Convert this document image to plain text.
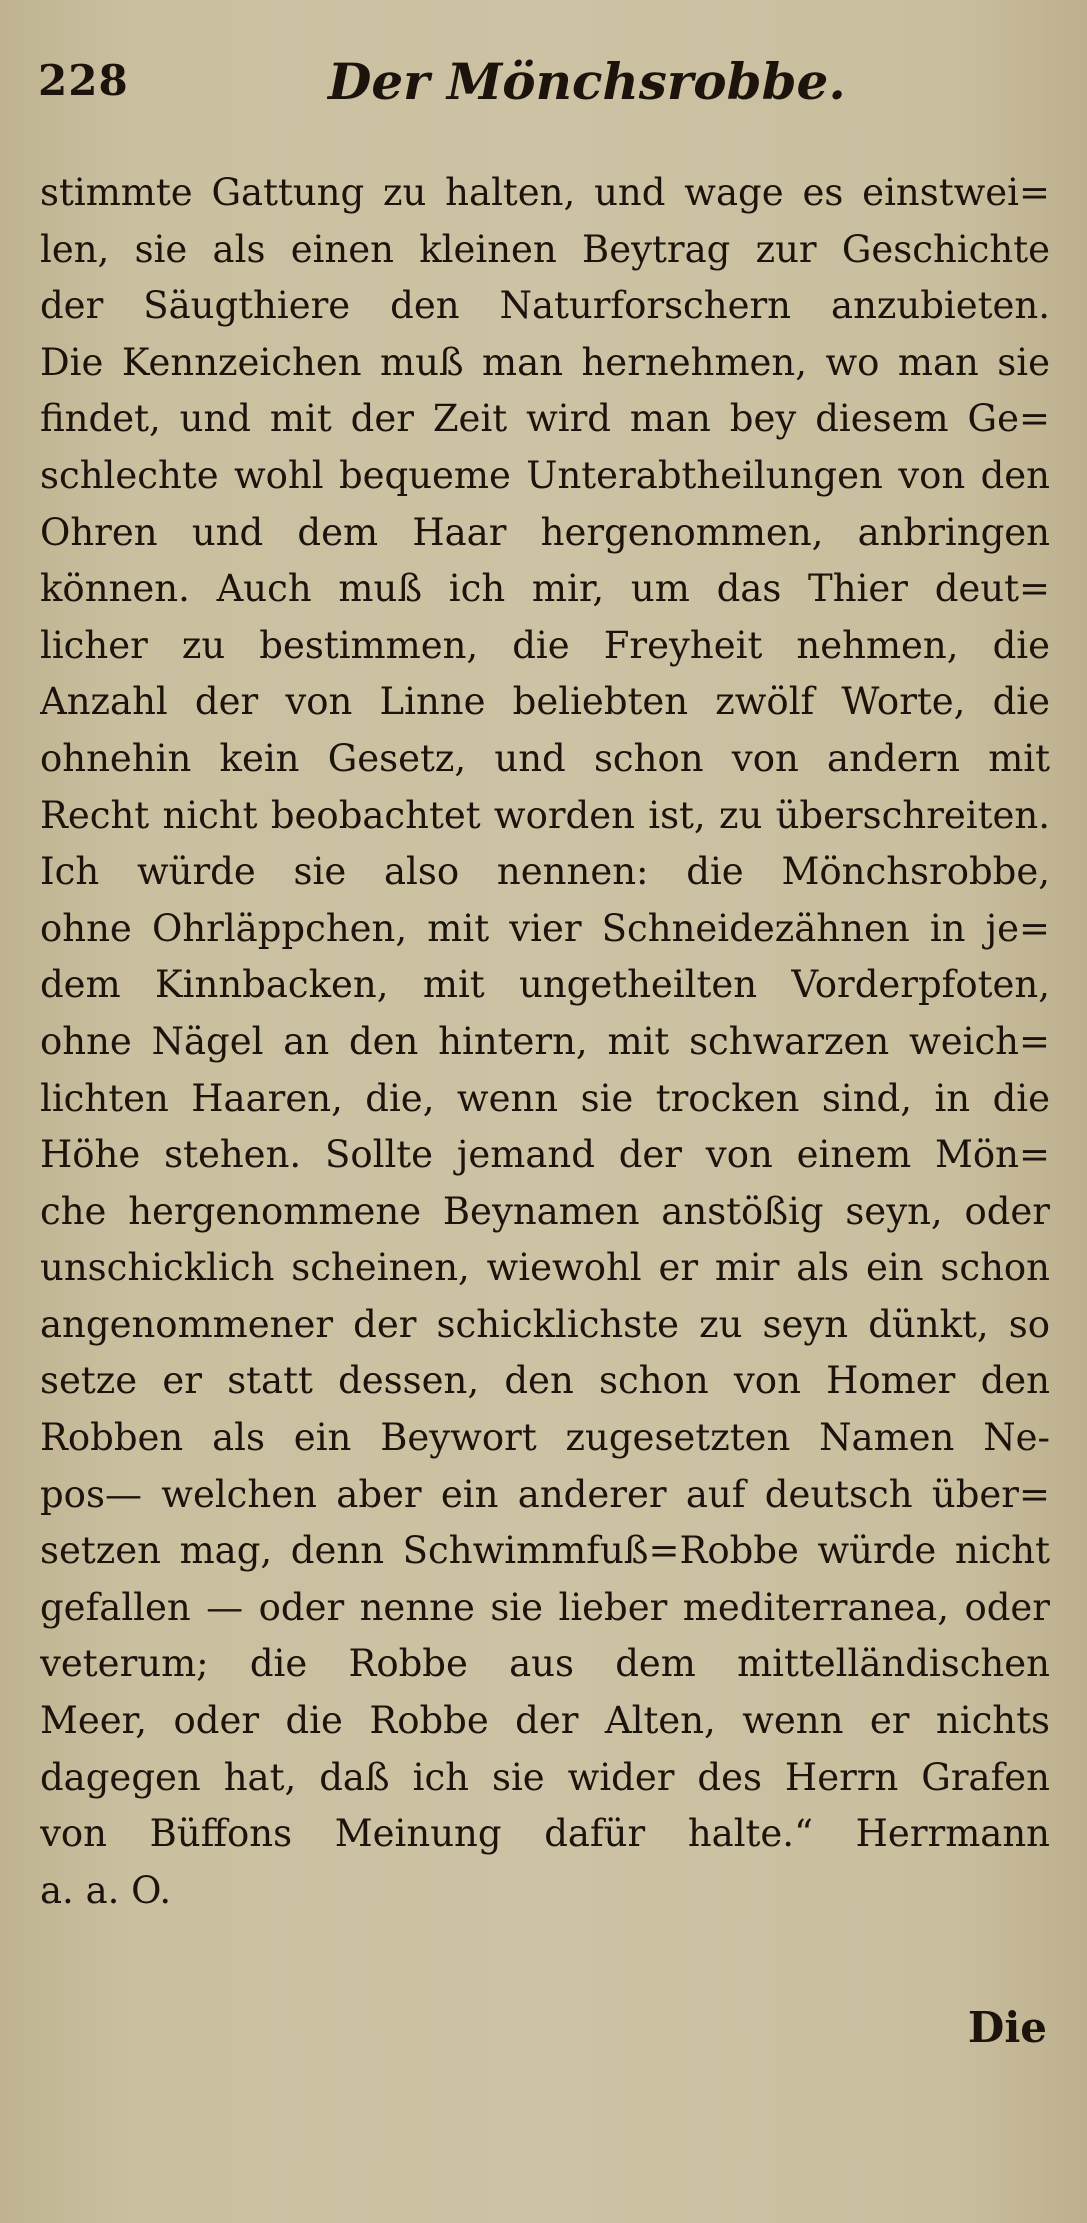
228	Der Mönchsrobbe.
stimmte Gattung zu halten, und wage es einstwei=
len, sie als einen kleinen Beytrag zur Geschichte
der Säugthiere den Naturforschern anzubieten.
Die Kennzeichen muß man hernehmen, wo man sie
findet, und mit der Zeit wird man bey diesem Ge=
schlechte wohl bequeme Unterabtheilungen von den
Ohren und dem Haar hergenommen, anbringen
können. Auch muß ich mir, um das Thier deut=
licher zu bestimmen, die Freyheit nehmen, die
Anzahl der von Linne beliebten zwölf Worte, die
ohnehin kein Gesetz, und schon von andern mit
Recht nicht beobachtet worden ist, zu überschreiten.
Ich würde sie also nennen: die Mönchsrobbe,
ohne Ohrläppchen, mit vier Schneidezähnen in je=
dem Kinnbacken, mit ungetheilten Vorderpfoten,
ohne Nägel an den hintern, mit schwarzen weich=
lichten Haaren, die, wenn sie trocken sind, in die
Höhe stehen. Sollte jemand der von einem Mön=
che hergenommene Beynamen anstößig seyn, oder
unschicklich scheinen, wiewohl er mir als ein schon
angenommener der schicklichste zu seyn dünkt, so
setze er statt dessen, den schon von Homer den
Robben als ein Beywort zugesetzten Namen Ne-
pos— welchen aber ein anderer auf deutsch über=
setzen mag, denn Schwimmfuß=Robbe würde nicht
gefallen — oder nenne sie lieber mediterranea, oder
veterum; die Robbe aus dem mittelländischen
Meer, oder die Robbe der Alten, wenn er nichts
dagegen hat, daß ich sie wider des Herrn Grafen
von Büffons Meinung dafür halte.“ Herrmann
a. a. O.
Die
